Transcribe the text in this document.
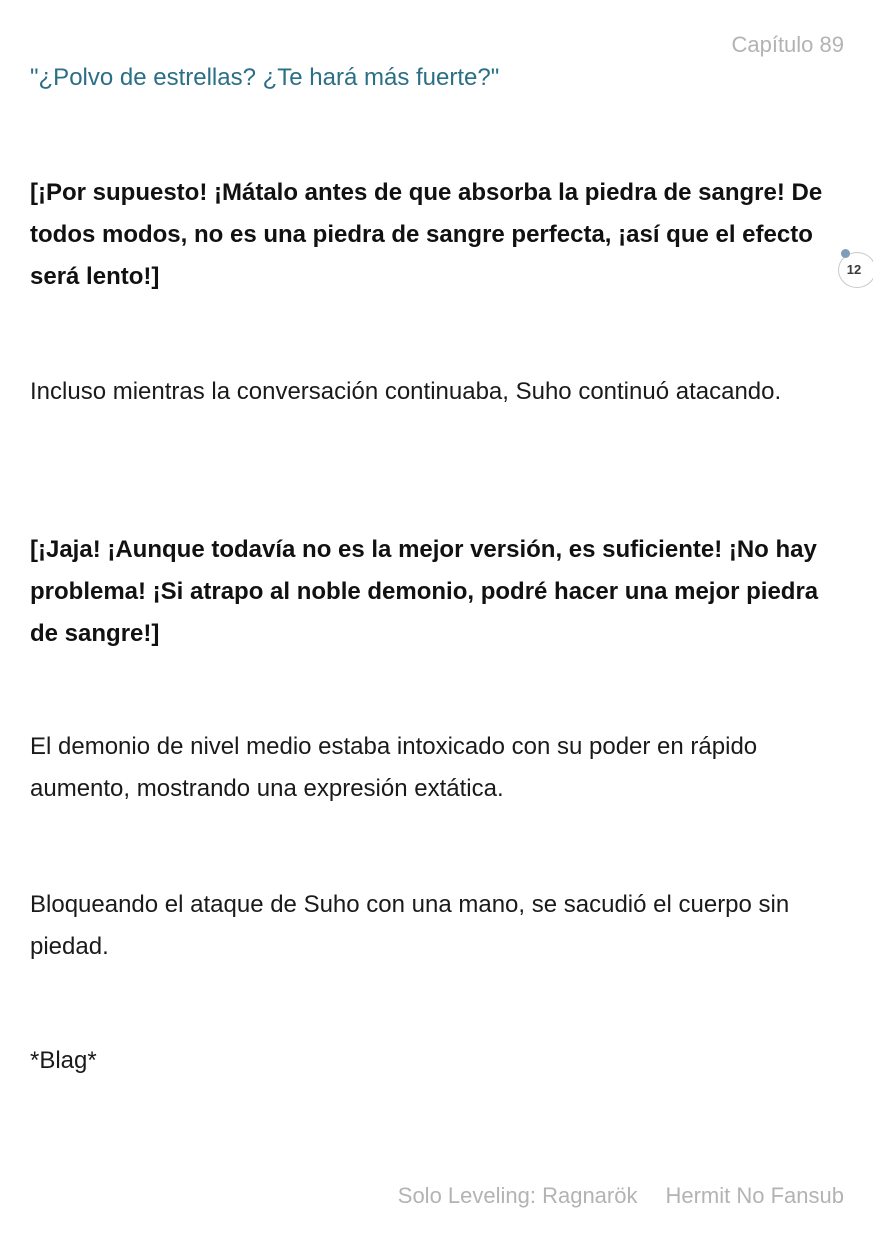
Capítulo 89
"¿Polvo de estrellas? ¿Te hará más fuerte?"

[¡Por supuesto! ¡Mátalo antes de que absorba la piedra de sangre! De todos modos, no es una piedra de sangre perfecta, ¡así que el efecto será lento!]	12

Incluso mientras la conversación continuaba, Suho continuó atacando.

[¡Jaja! ¡Aunque todavía no es la mejor versión, es suficiente! ¡No hay problema! ¡Si atrapo al noble demonio, podré hacer una mejor piedra de sangre!]

El demonio de nivel medio estaba intoxicado con su poder en rápido aumento, mostrando una expresión extática.

Bloqueando el ataque de Suho con una mano, se sacudió el cuerpo sin piedad.

*Blag*

Solo Leveling: Ragnarök Hermit No Fansub
